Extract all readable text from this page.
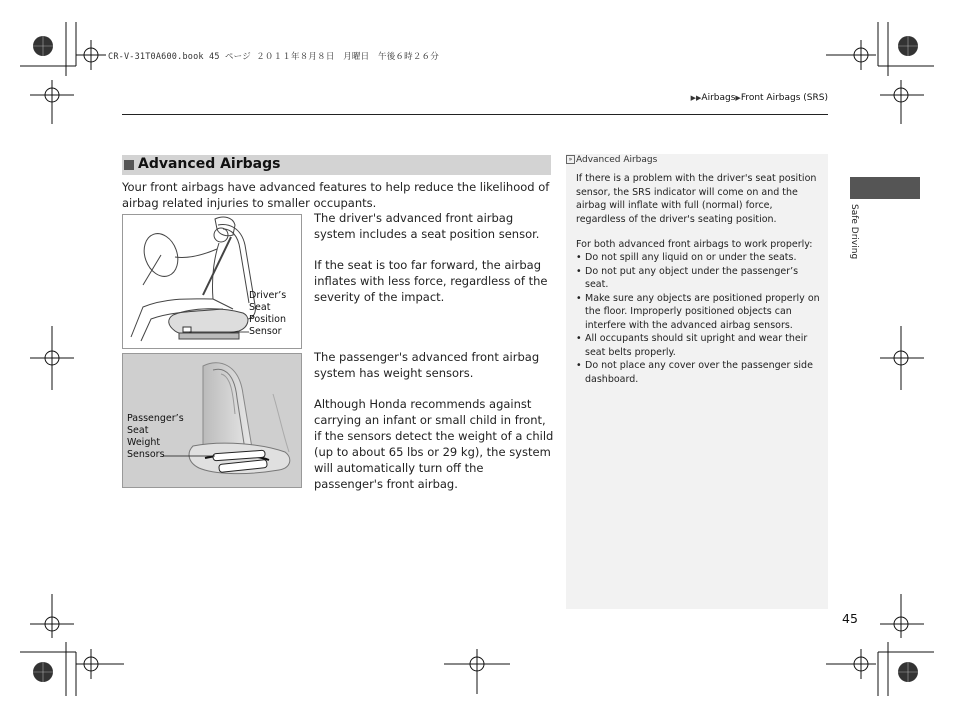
CR-V-31T0A600.book 45 ページ ２０１１年８月８日　月曜日　午後６時２６分
▶▶Airbags▶Front Airbags (SRS)
Advanced Airbags
Your front airbags have advanced features to help reduce the likelihood of airbag related injuries to smaller occupants.
Driver’s
Seat
Position
Sensor
The driver's advanced front airbag system includes a seat position sensor.
If the seat is too far forward, the airbag inflates with less force, regardless of the severity of the impact.
Passenger’s
Seat
Weight
Sensors
The passenger's advanced front airbag system has weight sensors.
Although Honda recommends against carrying an infant or small child in front, if the sensors detect the weight of a child (up to about 65 lbs or 29 kg), the system will automatically turn off the passenger's front airbag.
» Advanced Airbags
If there is a problem with the driver's seat position sensor, the SRS indicator will come on and the airbag will inflate with full (normal) force, regardless of the driver's seating position.
For both advanced front airbags to work properly:
• Do not spill any liquid on or under the seats.
• Do not put any object under the passenger’s seat.
• Make sure any objects are positioned properly on the floor. Improperly positioned objects can interfere with the advanced airbag sensors.
• All occupants should sit upright and wear their seat belts properly.
• Do not place any cover over the passenger side dashboard.
Safe Driving
45
